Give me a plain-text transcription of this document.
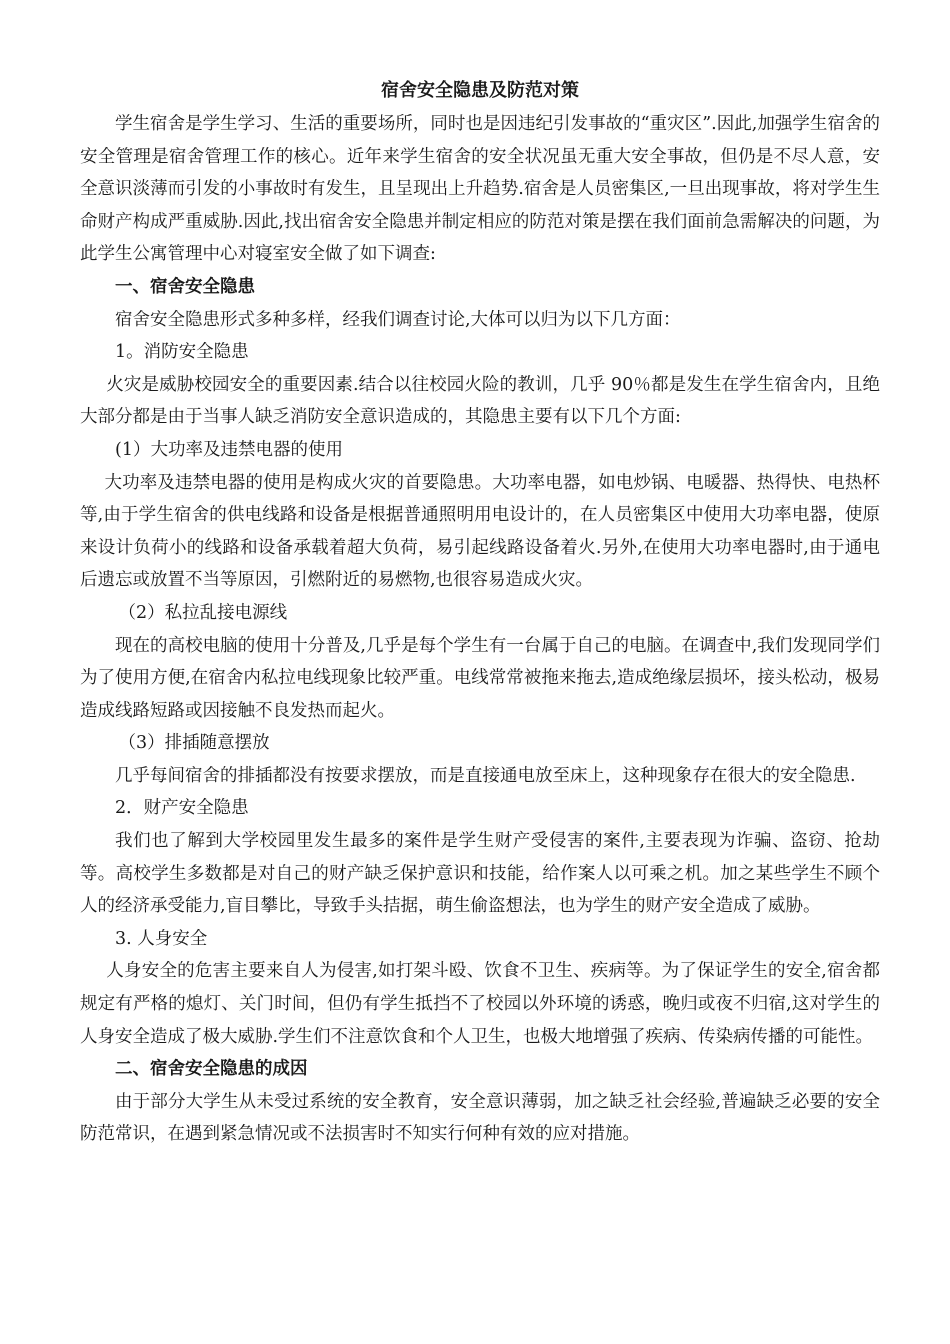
宿舍安全隐患及防范对策

学生宿舍是学生学习、生活的重要场所，同时也是因违纪引发事故的“重灾区”.因此,加强学生宿舍的安全管理是宿舍管理工作的核心。近年来学生宿舍的安全状况虽无重大安全事故，但仍是不尽人意，安全意识淡薄而引发的小事故时有发生，且呈现出上升趋势.宿舍是人员密集区,一旦出现事故，将对学生生命财产构成严重威胁.因此,找出宿舍安全隐患并制定相应的防范对策是摆在我们面前急需解决的问题，为此学生公寓管理中心对寝室安全做了如下调查:

一、宿舍安全隐患

宿舍安全隐患形式多种多样，经我们调查讨论,大体可以归为以下几方面：

1。消防安全隐患

火灾是威胁校园安全的重要因素.结合以往校园火险的教训，几乎 90％都是发生在学生宿舍内，且绝大部分都是由于当事人缺乏消防安全意识造成的，其隐患主要有以下几个方面:

(1）大功率及违禁电器的使用

大功率及违禁电器的使用是构成火灾的首要隐患。大功率电器，如电炒锅、电暖器、热得快、电热杯等,由于学生宿舍的供电线路和设备是根据普通照明用电设计的，在人员密集区中使用大功率电器，使原来设计负荷小的线路和设备承载着超大负荷，易引起线路设备着火.另外,在使用大功率电器时,由于通电后遗忘或放置不当等原因，引燃附近的易燃物,也很容易造成火灾。

（2）私拉乱接电源线

现在的高校电脑的使用十分普及,几乎是每个学生有一台属于自己的电脑。在调查中,我们发现同学们为了使用方便,在宿舍内私拉电线现象比较严重。电线常常被拖来拖去,造成绝缘层损坏，接头松动，极易造成线路短路或因接触不良发热而起火。

（3）排插随意摆放

几乎每间宿舍的排插都没有按要求摆放，而是直接通电放至床上，这种现象存在很大的安全隐患.

2．财产安全隐患

我们也了解到大学校园里发生最多的案件是学生财产受侵害的案件,主要表现为诈骗、盗窃、抢劫等。高校学生多数都是对自己的财产缺乏保护意识和技能，给作案人以可乘之机。加之某些学生不顾个人的经济承受能力,盲目攀比，导致手头拮据，萌生偷盗想法，也为学生的财产安全造成了威胁。

3. 人身安全

人身安全的危害主要来自人为侵害,如打架斗殴、饮食不卫生、疾病等。为了保证学生的安全,宿舍都规定有严格的熄灯、关门时间，但仍有学生抵挡不了校园以外环境的诱惑，晚归或夜不归宿,这对学生的人身安全造成了极大威胁.学生们不注意饮食和个人卫生，也极大地增强了疾病、传染病传播的可能性。

二、宿舍安全隐患的成因

由于部分大学生从未受过系统的安全教育，安全意识薄弱，加之缺乏社会经验,普遍缺乏必要的安全防范常识，在遇到紧急情况或不法损害时不知实行何种有效的应对措施。
